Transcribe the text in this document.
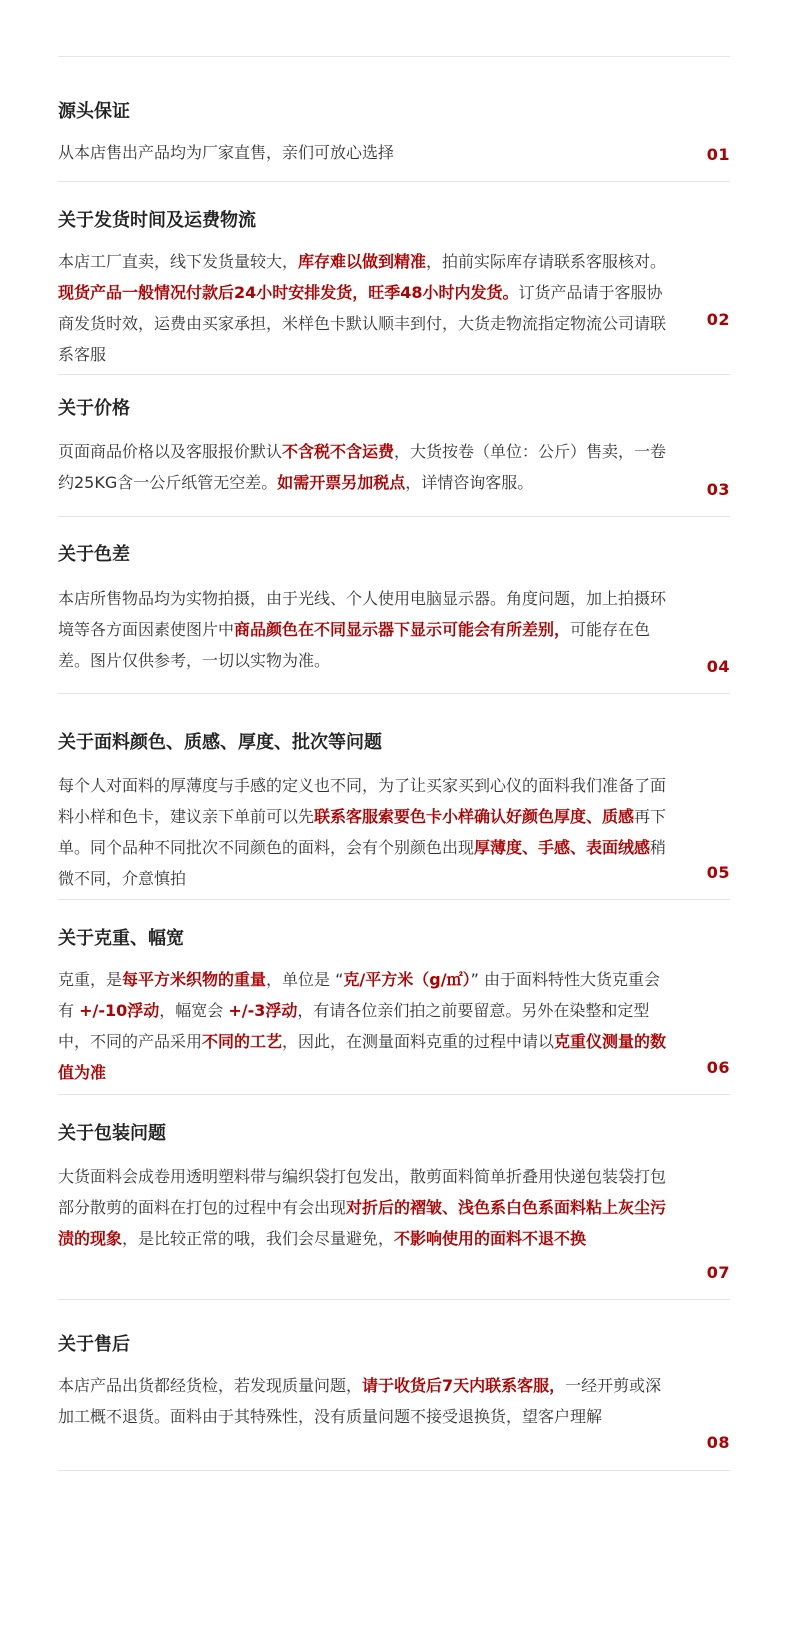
源头保证
从本店售出产品均为厂家直售，亲们可放心选择	01
关于发货时间及运费物流
本店工厂直卖，线下发货量较大，库存难以做到精准，拍前实际库存请联系客服核对。现货产品一般情况付款后24小时安排发货，旺季48小时内发货。订货产品请于客服协商发货时效，运费由买家承担，米样色卡默认顺丰到付，大货走物流指定物流公司请联系客服
02
关于价格
页面商品价格以及客服报价默认不含税不含运费，大货按卷（单位：公斤）售卖，一卷约25KG含一公斤纸管无空差。如需开票另加税点，详情咨询客服。	03
关于色差
本店所售物品均为实物拍摄，由于光线、个人使用电脑显示器。角度问题，加上拍摄环境等各方面因素使图片中商品颜色在不同显示器下显示可能会有所差别，可能存在色差。图片仅供参考，一切以实物为准。	04
关于面料颜色、质感、厚度、批次等问题
每个人对面料的厚薄度与手感的定义也不同，为了让买家买到心仪的面料我们准备了面料小样和色卡，建议亲下单前可以先联系客服索要色卡小样确认好颜色厚度、质感再下单。同个品种不同批次不同颜色的面料，会有个别颜色出现厚薄度、手感、表面绒感稍微不同，介意慎拍	05
关于克重、幅宽
克重，是每平方米织物的重量，单位是 “克/平方米（g/㎡）” 由于面料特性大货克重会有 +/-10浮动，幅宽会 +/-3浮动，有请各位亲们拍之前要留意。另外在染整和定型中，不同的产品采用不同的工艺，因此，在测量面料克重的过程中请以克重仪测量的数值为准	06
关于包装问题
大货面料会成卷用透明塑料带与编织袋打包发出，散剪面料简单折叠用快递包装袋打包部分散剪的面料在打包的过程中有会出现对折后的褶皱、浅色系白色系面料粘上灰尘污渍的现象，是比较正常的哦，我们会尽量避免，不影响使用的面料不退不换
07
关于售后
本店产品出货都经货检，若发现质量问题，请于收货后7天内联系客服，一经开剪或深加工概不退货。面料由于其特殊性，没有质量问题不接受退换货，望客户理解
08
